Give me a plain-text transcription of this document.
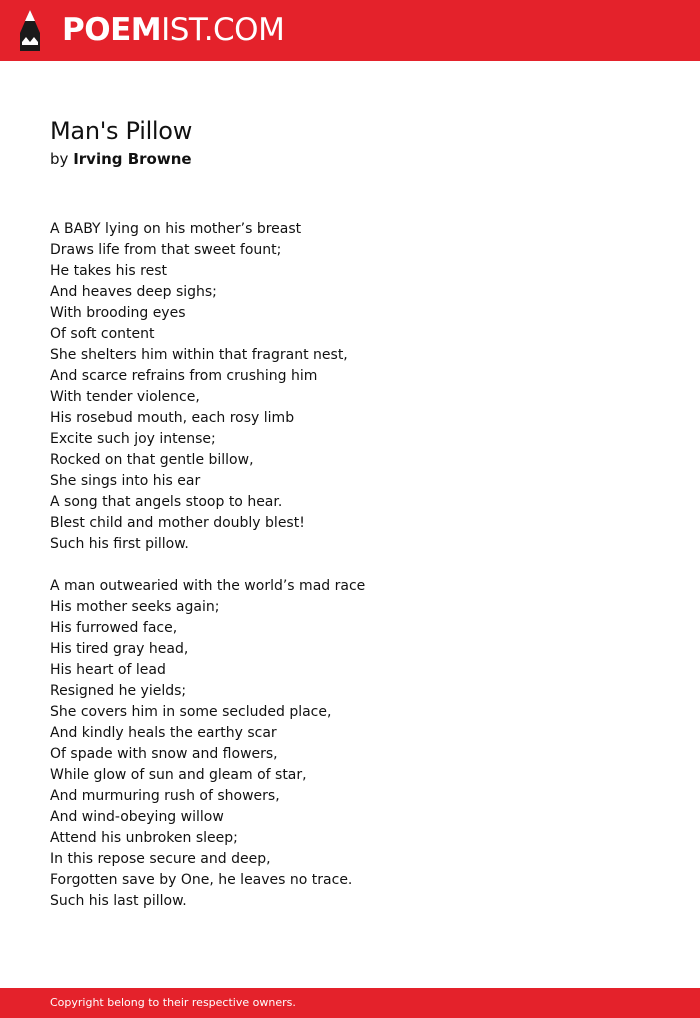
POEMIST.COM
Man's Pillow
by Irving Browne
A BABY lying on his mother’s breast
Draws life from that sweet fount;
He takes his rest
And heaves deep sighs;
With brooding eyes
Of soft content
She shelters him within that fragrant nest,
And scarce refrains from crushing him
With tender violence,
His rosebud mouth, each rosy limb
Excite such joy intense;
Rocked on that gentle billow,
She sings into his ear
A song that angels stoop to hear.
Blest child and mother doubly blest!
Such his first pillow.
A man outwearied with the world’s mad race
His mother seeks again;
His furrowed face,
His tired gray head,
His heart of lead
Resigned he yields;
She covers him in some secluded place,
And kindly heals the earthy scar
Of spade with snow and flowers,
While glow of sun and gleam of star,
And murmuring rush of showers,
And wind-obeying willow
Attend his unbroken sleep;
In this repose secure and deep,
Forgotten save by One, he leaves no trace.
Such his last pillow.
Copyright belong to their respective owners.
